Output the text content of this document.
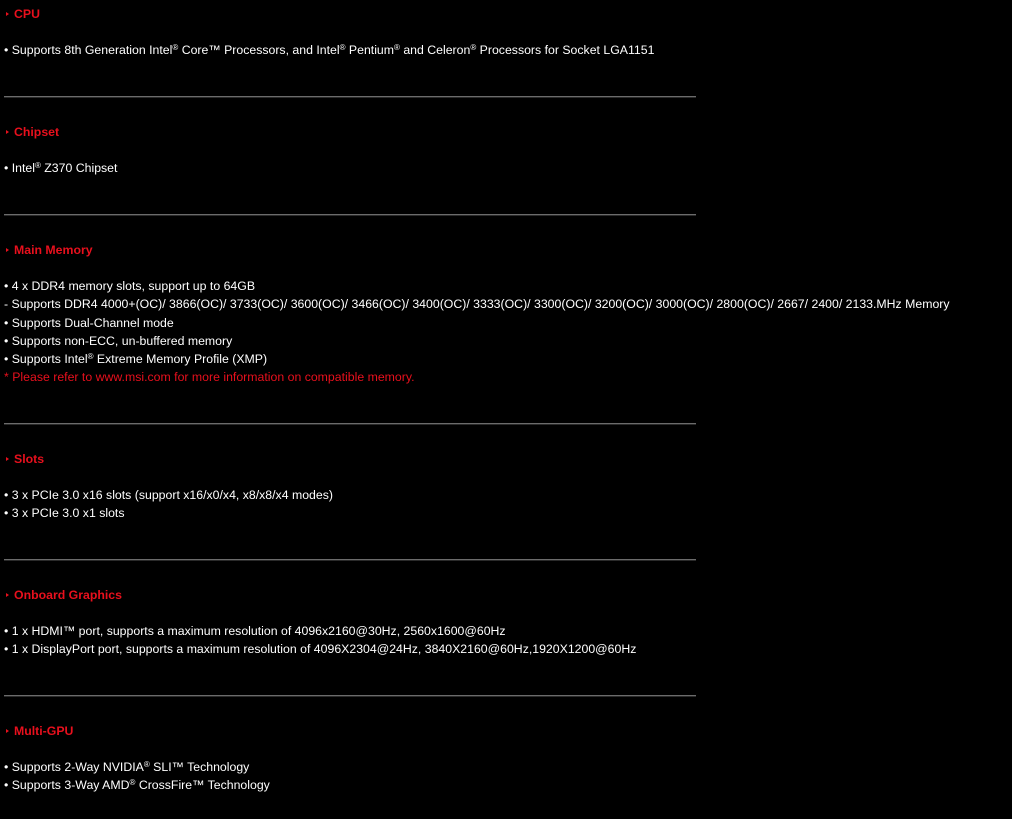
CPU
• Supports 8th Generation Intel® Core™ Processors, and Intel® Pentium® and Celeron® Processors for Socket LGA1151
Chipset
• Intel® Z370 Chipset
Main Memory
• 4 x DDR4 memory slots, support up to 64GB
- Supports DDR4 4000+(OC)/ 3866(OC)/ 3733(OC)/ 3600(OC)/ 3466(OC)/ 3400(OC)/ 3333(OC)/ 3300(OC)/ 3200(OC)/ 3000(OC)/ 2800(OC)/ 2667/ 2400/ 2133.MHz Memory
• Supports Dual-Channel mode
• Supports non-ECC, un-buffered memory
• Supports Intel® Extreme Memory Profile (XMP)
* Please refer to www.msi.com for more information on compatible memory.
Slots
• 3 x PCIe 3.0 x16 slots (support x16/x0/x4, x8/x8/x4 modes)
• 3 x PCIe 3.0 x1 slots
Onboard Graphics
• 1 x HDMI™ port, supports a maximum resolution of 4096x2160@30Hz, 2560x1600@60Hz
• 1 x DisplayPort port, supports a maximum resolution of 4096X2304@24Hz, 3840X2160@60Hz,1920X1200@60Hz
Multi-GPU
• Supports 2-Way NVIDIA® SLI™ Technology
• Supports 3-Way AMD® CrossFire™ Technology
